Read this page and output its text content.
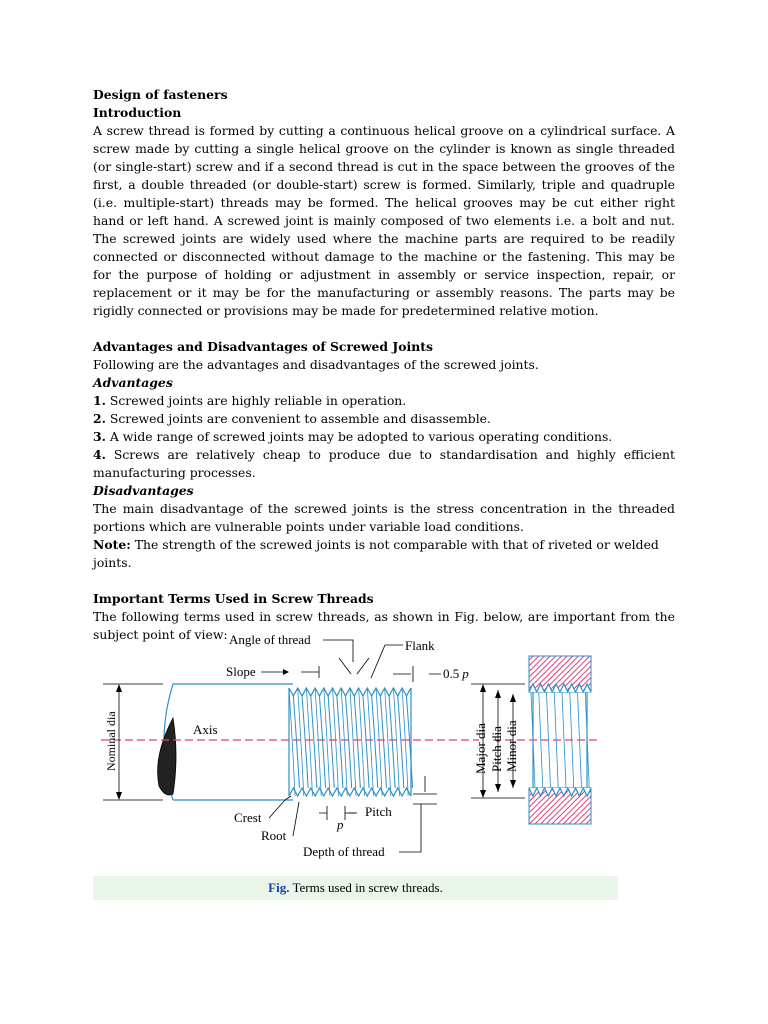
Design of fasteners

Introduction

A screw thread is formed by cutting a continuous helical groove on a cylindrical surface. A screw made by cutting a single helical groove on the cylinder is known as single threaded (or single-start) screw and if a second thread is cut in the space between the grooves of the first, a double threaded (or double-start) screw is formed. Similarly, triple and quadruple (i.e. multiple-start) threads may be formed. The helical grooves may be cut either right hand or left hand. A screwed joint is mainly composed of two elements i.e. a bolt and nut. The screwed joints are widely used where the machine parts are required to be readily connected or disconnected without damage to the machine or the fastening. This may be for the purpose of holding or adjustment in assembly or service inspection, repair, or replacement or it may be for the manufacturing or assembly reasons. The parts may be rigidly connected or provisions may be made for predetermined relative motion.

Advantages and Disadvantages of Screwed Joints

Following are the advantages and disadvantages of the screwed joints.

Advantages

1. Screwed joints are highly reliable in operation.

2. Screwed joints are convenient to assemble and disassemble.

3. A wide range of screwed joints may be adopted to various operating conditions.

4. Screws are relatively cheap to produce due to standardisation and highly efficient manufacturing processes.

Disadvantages

The main disadvantage of the screwed joints is the stress concentration in the threaded portions which are vulnerable points under variable load conditions.

Note: The strength of the screwed joints is not comparable with that of riveted or welded joints.

Important Terms Used in Screw Threads

The following terms used in screw threads, as shown in Fig. below, are important from the subject point of view:

Nominal dia	Axis
Angle of thread	Flank
Slope	0.5 p
Crest
Root
p
Pitch
Depth of thread
Major dia Pitch dia Minor dia
Fig. Terms used in screw threads.
